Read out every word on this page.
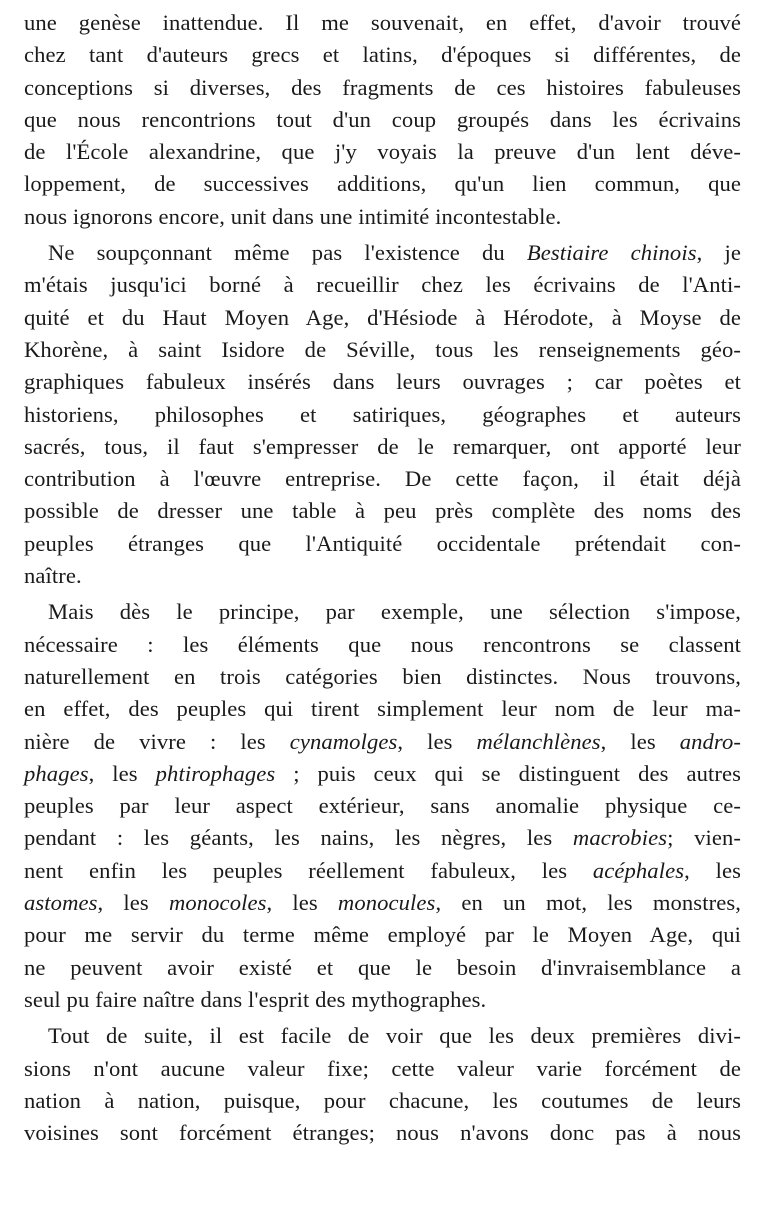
une genèse inattendue. Il me souvenait, en effet, d'avoir trouvé
chez tant d'auteurs grecs et latins, d'époques si différentes, de
conceptions si diverses, des fragments de ces histoires fabuleuses
que nous rencontrions tout d'un coup groupés dans les écrivains
de l'École alexandrine, que j'y voyais la preuve d'un lent déve-
loppement, de successives additions, qu'un lien commun, que
nous ignorons encore, unit dans une intimité incontestable.
Ne soupçonnant même pas l'existence du Bestiaire chinois, je
m'étais jusqu'ici borné à recueillir chez les écrivains de l'Anti-
quité et du Haut Moyen Age, d'Hésiode à Hérodote, à Moyse de
Khorène, à saint Isidore de Séville, tous les renseignements géo-
graphiques fabuleux insérés dans leurs ouvrages ; car poètes et
historiens, philosophes et satiriques, géographes et auteurs
sacrés, tous, il faut s'empresser de le remarquer, ont apporté leur
contribution à l'œuvre entreprise. De cette façon, il était déjà
possible de dresser une table à peu près complète des noms des
peuples étranges que l'Antiquité occidentale prétendait con-
naître.
Mais dès le principe, par exemple, une sélection s'impose,
nécessaire : les éléments que nous rencontrons se classent
naturellement en trois catégories bien distinctes. Nous trouvons,
en effet, des peuples qui tirent simplement leur nom de leur ma-
nière de vivre : les cynamolges, les mélanchlènes, les andro-
phages, les phtirophages ; puis ceux qui se distinguent des autres
peuples par leur aspect extérieur, sans anomalie physique ce-
pendant : les géants, les nains, les nègres, les macrobies; vien-
nent enfin les peuples réellement fabuleux, les acéphales, les
astomes, les monocoles, les monocules, en un mot, les monstres,
pour me servir du terme même employé par le Moyen Age, qui
ne peuvent avoir existé et que le besoin d'invraisemblance a
seul pu faire naître dans l'esprit des mythographes.
Tout de suite, il est facile de voir que les deux premières divi-
sions n'ont aucune valeur fixe; cette valeur varie forcément de
nation à nation, puisque, pour chacune, les coutumes de leurs
voisines sont forcément étranges; nous n'avons donc pas à nous
